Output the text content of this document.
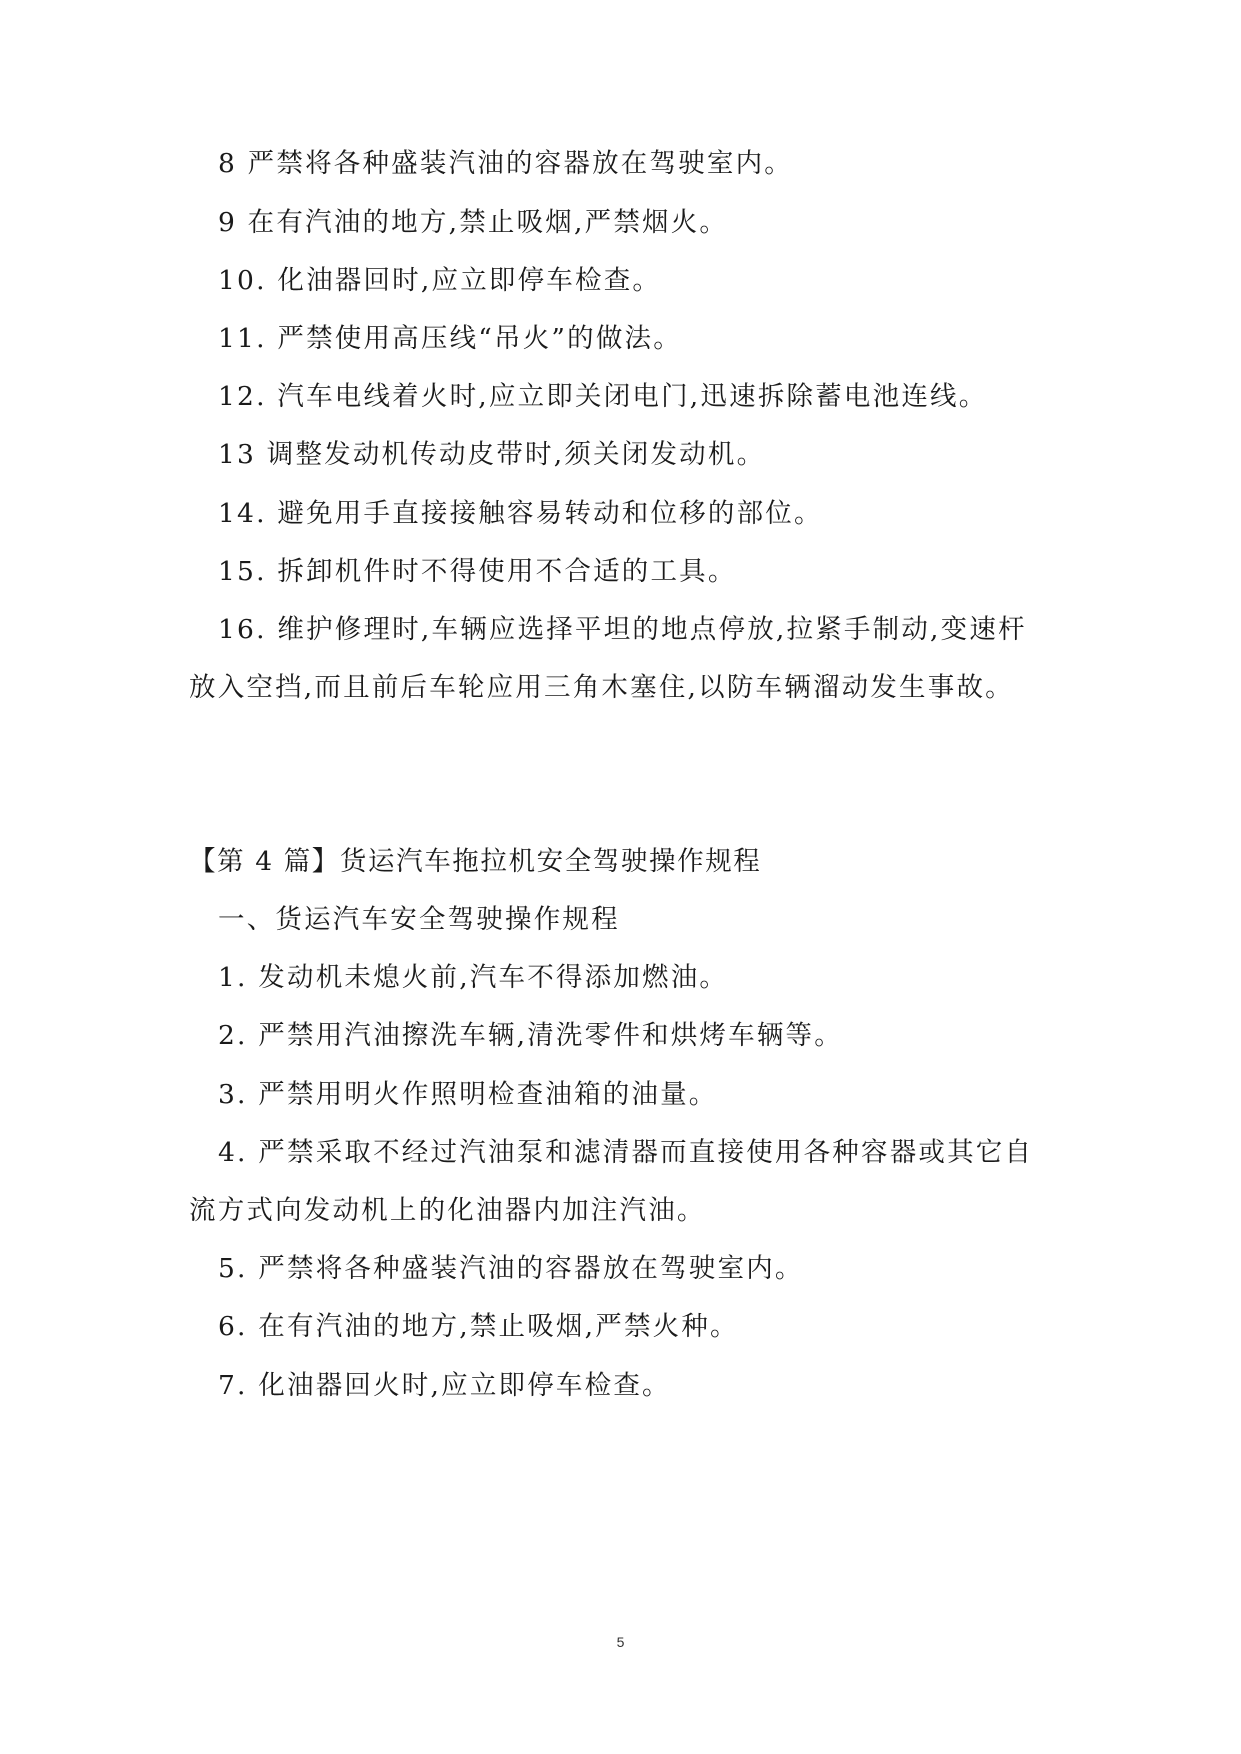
8 严禁将各种盛装汽油的容器放在驾驶室内。
9 在有汽油的地方,禁止吸烟,严禁烟火。
10. 化油器回时,应立即停车检查。
11. 严禁使用高压线“吊火”的做法。
12. 汽车电线着火时,应立即关闭电门,迅速拆除蓄电池连线。
13 调整发动机传动皮带时,须关闭发动机。
14. 避免用手直接接触容易转动和位移的部位。
15. 拆卸机件时不得使用不合适的工具。
16. 维护修理时,车辆应选择平坦的地点停放,拉紧手制动,变速杆
放入空挡,而且前后车轮应用三角木塞住,以防车辆溜动发生事故。
【第 4 篇】货运汽车拖拉机安全驾驶操作规程
一、货运汽车安全驾驶操作规程
1. 发动机未熄火前,汽车不得添加燃油。
2. 严禁用汽油擦洗车辆,清洗零件和烘烤车辆等。
3. 严禁用明火作照明检查油箱的油量。
4. 严禁采取不经过汽油泵和滤清器而直接使用各种容器或其它自
流方式向发动机上的化油器内加注汽油。
5. 严禁将各种盛装汽油的容器放在驾驶室内。
6. 在有汽油的地方,禁止吸烟,严禁火种。
7. 化油器回火时,应立即停车检查。
5
